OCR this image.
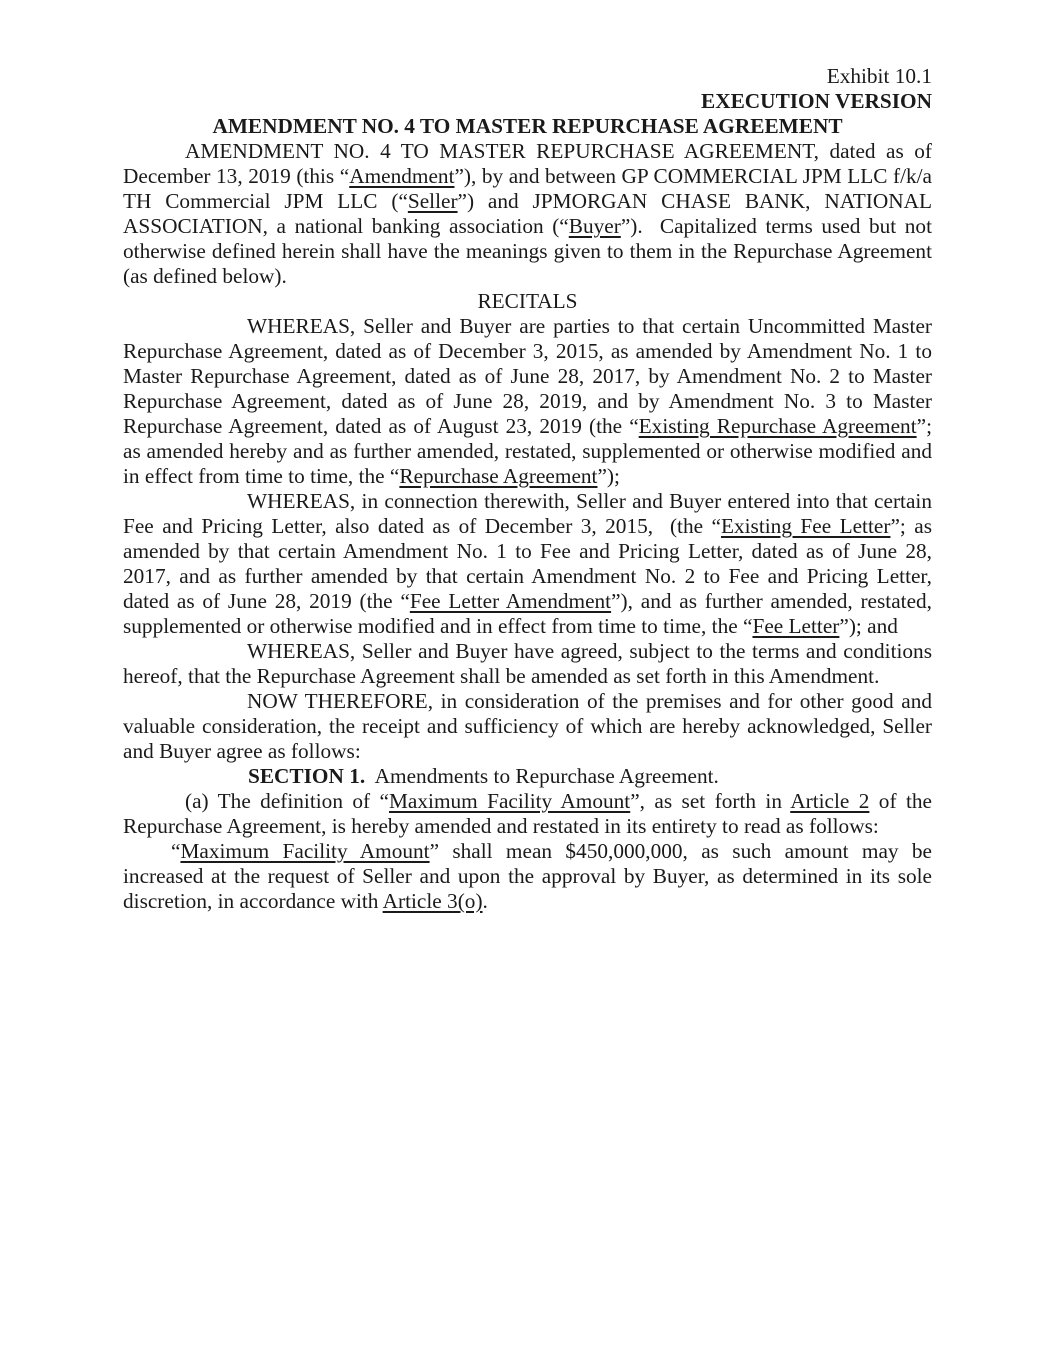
Exhibit 10.1
EXECUTION VERSION
AMENDMENT NO. 4 TO MASTER REPURCHASE AGREEMENT

AMENDMENT NO. 4 TO MASTER REPURCHASE AGREEMENT, dated as of December 13, 2019 (this “Amendment”), by and between GP COMMERCIAL JPM LLC f/k/a TH Commercial JPM LLC (“Seller”) and JPMORGAN CHASE BANK, NATIONAL ASSOCIATION, a national banking association (“Buyer”).  Capitalized terms used but not otherwise defined herein shall have the meanings given to them in the Repurchase Agreement (as defined below).

RECITALS

WHEREAS, Seller and Buyer are parties to that certain Uncommitted Master Repurchase Agreement, dated as of December 3, 2015, as amended by Amendment No. 1 to Master Repurchase Agreement, dated as of June 28, 2017, by Amendment No. 2 to Master Repurchase Agreement, dated as of June 28, 2019, and by Amendment No. 3 to Master Repurchase Agreement, dated as of August 23, 2019 (the “Existing Repurchase Agreement”; as amended hereby and as further amended, restated, supplemented or otherwise modified and in effect from time to time, the “Repurchase Agreement”);

WHEREAS, in connection therewith, Seller and Buyer entered into that certain Fee and Pricing Letter, also dated as of December 3, 2015,  (the “Existing Fee Letter”; as amended by that certain Amendment No. 1 to Fee and Pricing Letter, dated as of June 28, 2017, and as further amended by that certain Amendment No. 2 to Fee and Pricing Letter, dated as of June 28, 2019 (the “Fee Letter Amendment”), and as further amended, restated, supplemented or otherwise modified and in effect from time to time, the “Fee Letter”); and

WHEREAS, Seller and Buyer have agreed, subject to the terms and conditions hereof, that the Repurchase Agreement shall be amended as set forth in this Amendment.

NOW THEREFORE, in consideration of the premises and for other good and valuable consideration, the receipt and sufficiency of which are hereby acknowledged, Seller and Buyer agree as follows:

SECTION 1.  Amendments to Repurchase Agreement.

(a) The definition of “Maximum Facility Amount”, as set forth in Article 2 of the Repurchase Agreement, is hereby amended and restated in its entirety to read as follows:

“Maximum Facility Amount” shall mean $450,000,000, as such amount may be increased at the request of Seller and upon the approval by Buyer, as determined in its sole discretion, in accordance with Article 3(o).
